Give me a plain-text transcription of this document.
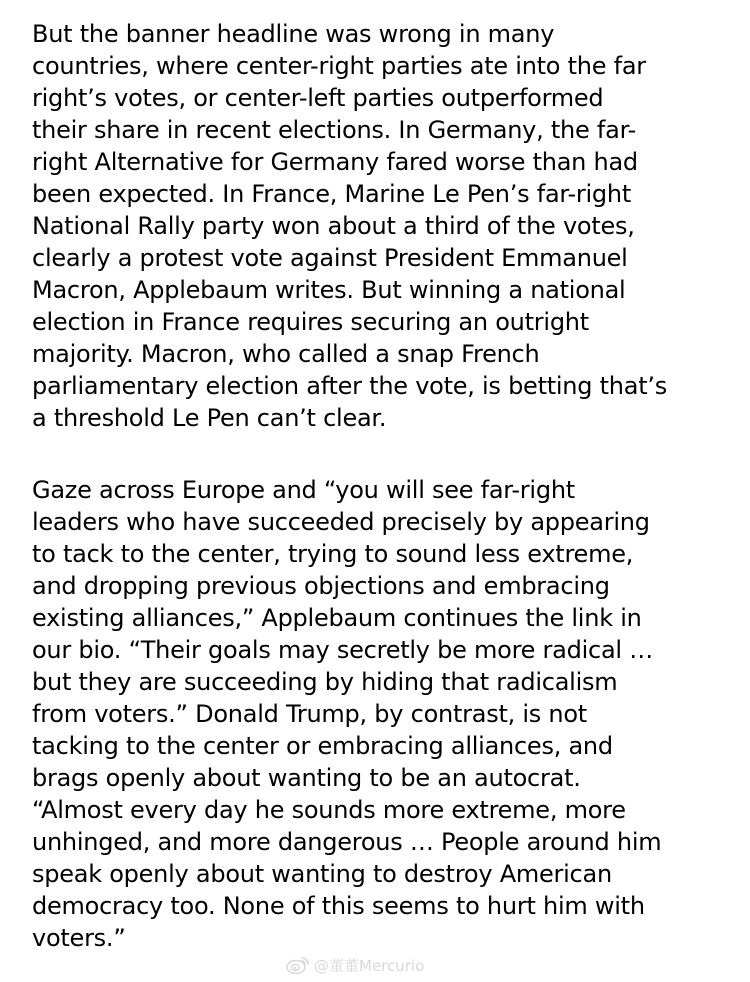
But the banner headline was wrong in many
countries, where center-right parties ate into the far
right’s votes, or center-left parties outperformed
their share in recent elections. In Germany, the far-
right Alternative for Germany fared worse than had
been expected. In France, Marine Le Pen’s far-right
National Rally party won about a third of the votes,
clearly a protest vote against President Emmanuel
Macron, Applebaum writes. But winning a national
election in France requires securing an outright
majority. Macron, who called a snap French
parliamentary election after the vote, is betting that’s
a threshold Le Pen can’t clear.

Gaze across Europe and “you will see far-right
leaders who have succeeded precisely by appearing
to tack to the center, trying to sound less extreme,
and dropping previous objections and embracing
existing alliances,” Applebaum continues the link in
our bio. “Their goals may secretly be more radical …
but they are succeeding by hiding that radicalism
from voters.” Donald Trump, by contrast, is not
tacking to the center or embracing alliances, and
brags openly about wanting to be an autocrat.
“Almost every day he sounds more extreme, more
unhinged, and more dangerous … People around him
speak openly about wanting to destroy American
democracy too. None of this seems to hurt him with
voters.”

@董董Mercurio
